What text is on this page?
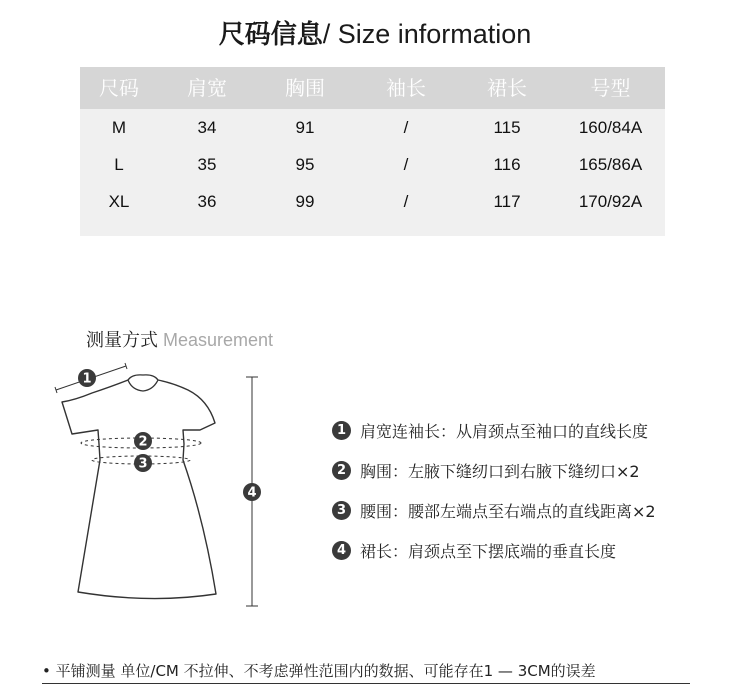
尺码信息/ Size information
尺码	肩宽	胸围	袖长	裙长	号型
M	34	91	/	115	160/84A
L	35	95	/	116	165/86A
XL	36	99	/	117	170/92A
测量方式 Measurement
1
2
3
4
1 肩宽连袖长：从肩颈点至袖口的直线长度
2 胸围：左腋下缝纫口到右腋下缝纫口×2
3 腰围：腰部左端点至右端点的直线距离×2
4 裙长：肩颈点至下摆底端的垂直长度
• 平铺测量 单位/CM 不拉伸、不考虑弹性范围内的数据、可能存在1 — 3CM的误差
